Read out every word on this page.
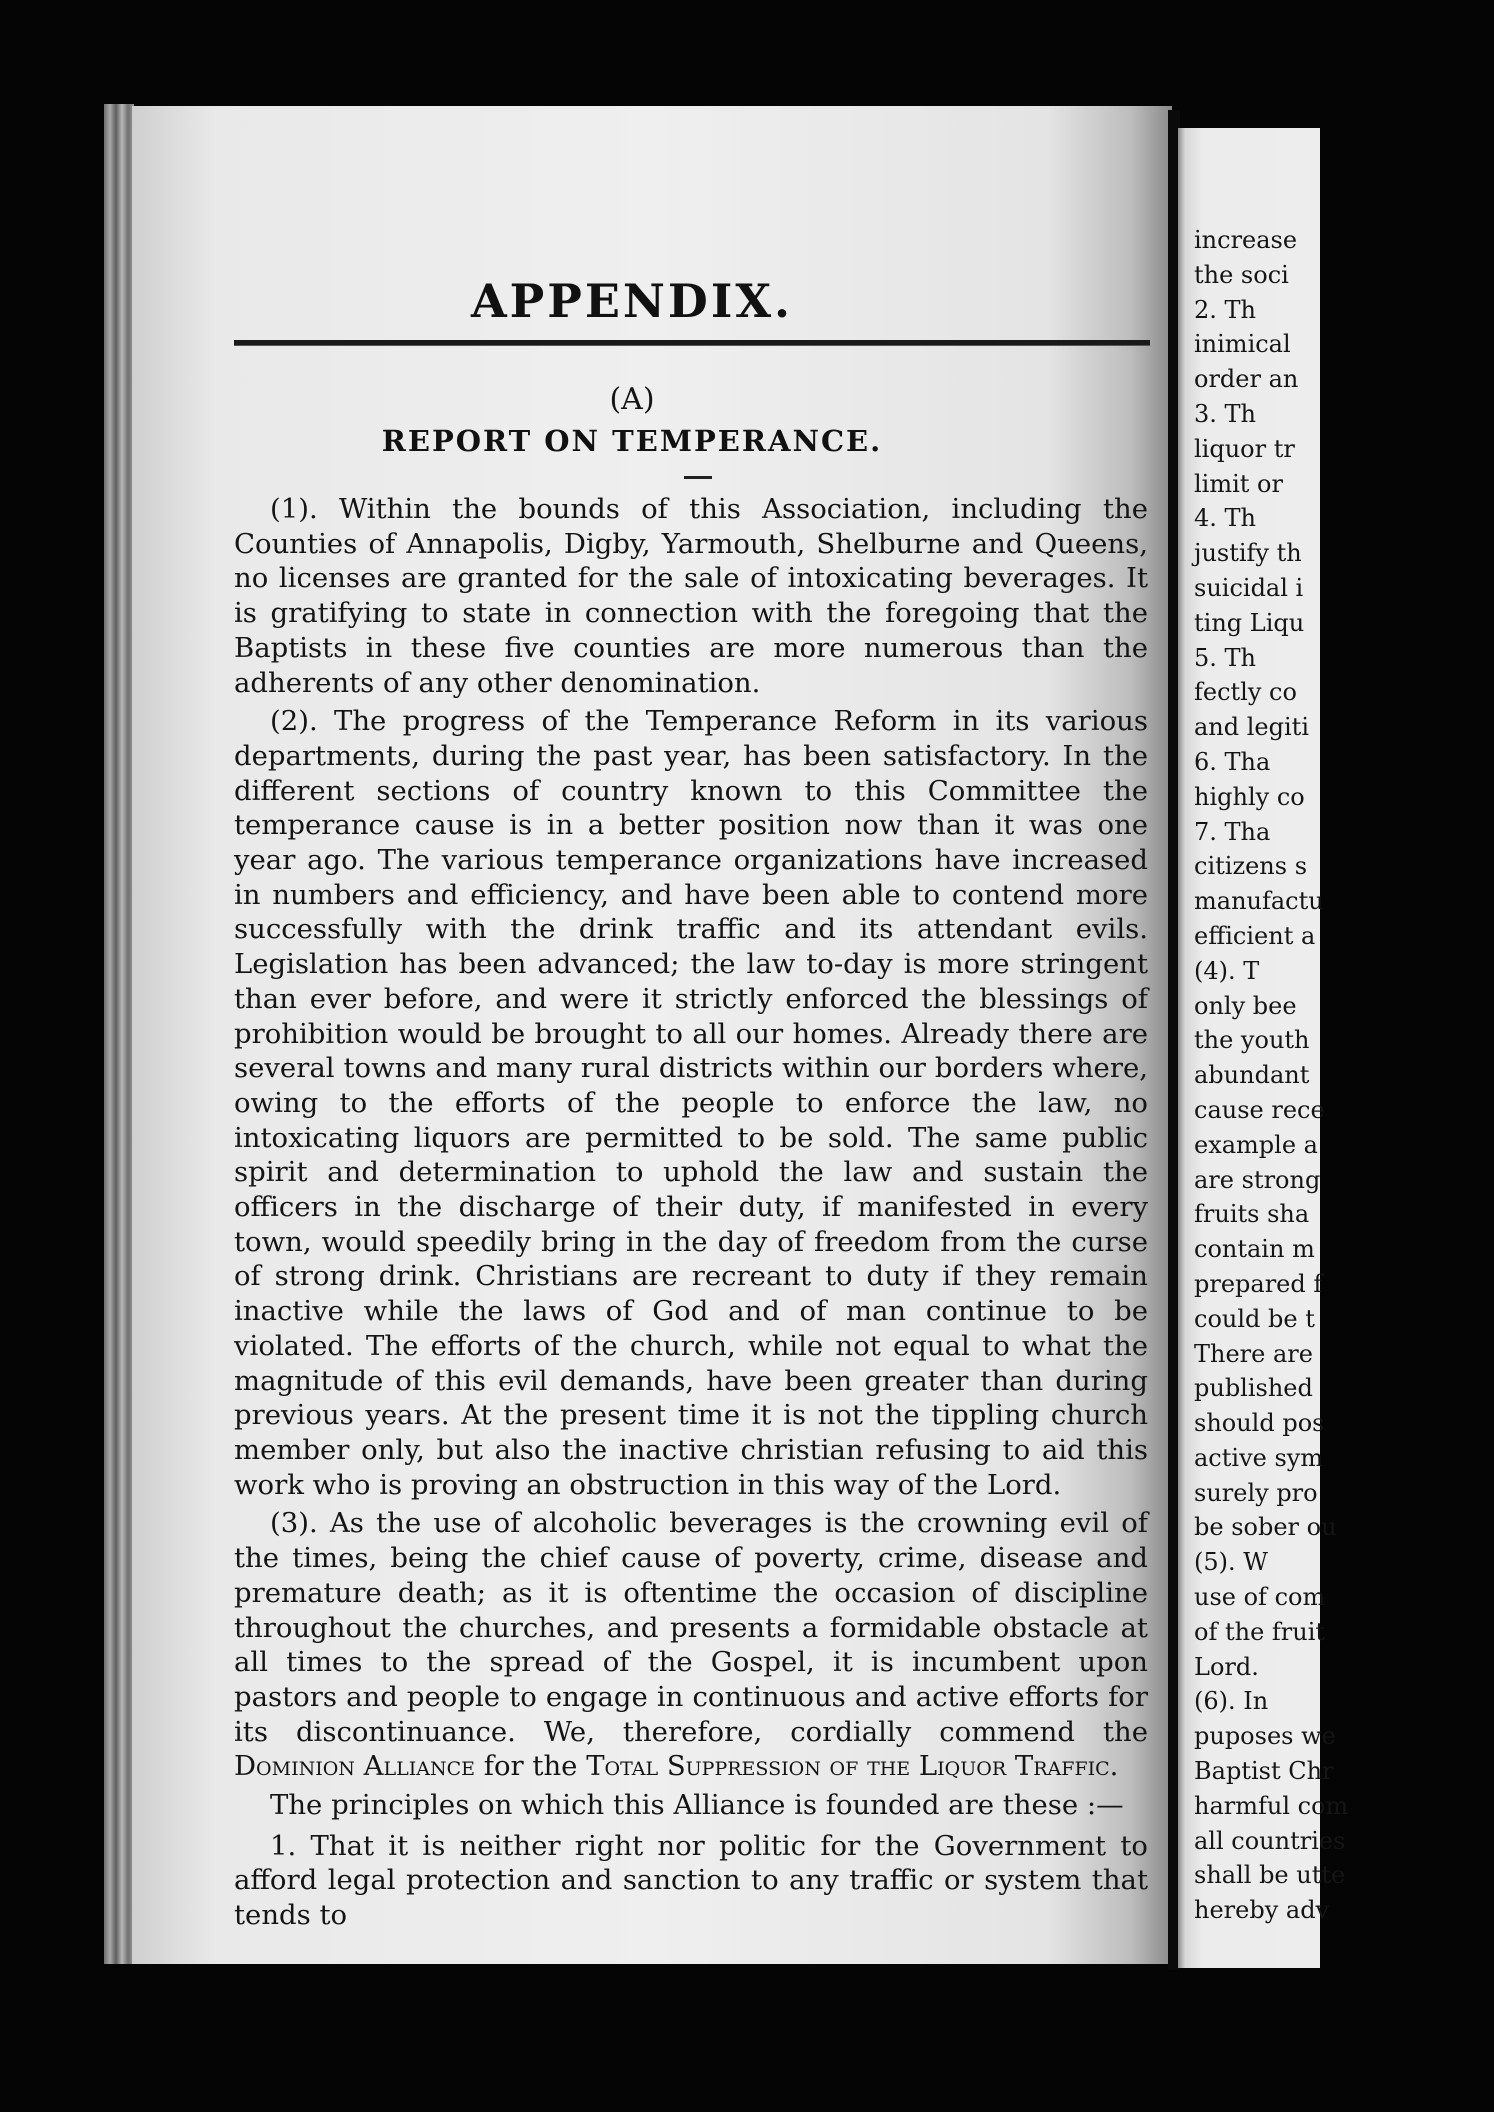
APPENDIX.
(A)
REPORT ON TEMPERANCE.

(1). Within the bounds of this Association, including the Counties of Annapolis, Digby, Yarmouth, Shelburne and Queens, no licenses are granted for the sale of intoxicating beverages. It is gratifying to state in connection with the foregoing that the Baptists in these five counties are more numerous than the adherents of any other denomination.

(2). The progress of the Temperance Reform in its various departments, during the past year, has been satisfactory. In the different sections of country known to this Committee the temperance cause is in a better position now than it was one year ago. The various temperance organizations have increased in numbers and efficiency, and have been able to contend more successfully with the drink traffic and its attendant evils. Legislation has been advanced; the law to-day is more stringent than ever before, and were it strictly enforced the blessings of prohibition would be brought to all our homes. Already there are several towns and many rural districts within our borders where, owing to the efforts of the people to enforce the law, no intoxicating liquors are permitted to be sold. The same public spirit and determination to uphold the law and sustain the officers in the discharge of their duty, if manifested in every town, would speedily bring in the day of freedom from the curse of strong drink. Christians are recreant to duty if they remain inactive while the laws of God and of man continue to be violated. The efforts of the church, while not equal to what the magnitude of this evil demands, have been greater than during previous years. At the present time it is not the tippling church member only, but also the inactive christian refusing to aid this work who is proving an obstruction in this way of the Lord.

(3). As the use of alcoholic beverages is the crowning evil of the times, being the chief cause of poverty, crime, disease and premature death; as it is oftentime the occasion of discipline throughout the churches, and presents a formidable obstacle at all times to the spread of the Gospel, it is incumbent upon pastors and people to engage in continuous and active efforts for its discontinuance. We, therefore, cordially commend the Dominion Alliance for the Total Suppression of the Liquor Traffic.

The principles on which this Alliance is founded are these :—

1. That it is neither right nor politic for the Government to afford legal protection and sanction to any traffic or system that tends to

increase
the soci
2. Th
inimical
order an
3. Th
liquor tr
limit or
4. Th
justify th
suicidal i
ting Liqu
5. Th
fectly co
and legiti
6. Tha
highly co
7. Tha
citizens s
manufactu
efficient a
(4). T
only bee
the youth
abundant
cause rece
example a
are strong
fruits sha
contain m
prepared f
could be t
There are
published
should pos
active sym
surely pro
be sober ou
(5). W
use of com
of the fruit
Lord.
(6). In
puposes we
Baptist Chr
harmful com
all countries
shall be utte
hereby adv
